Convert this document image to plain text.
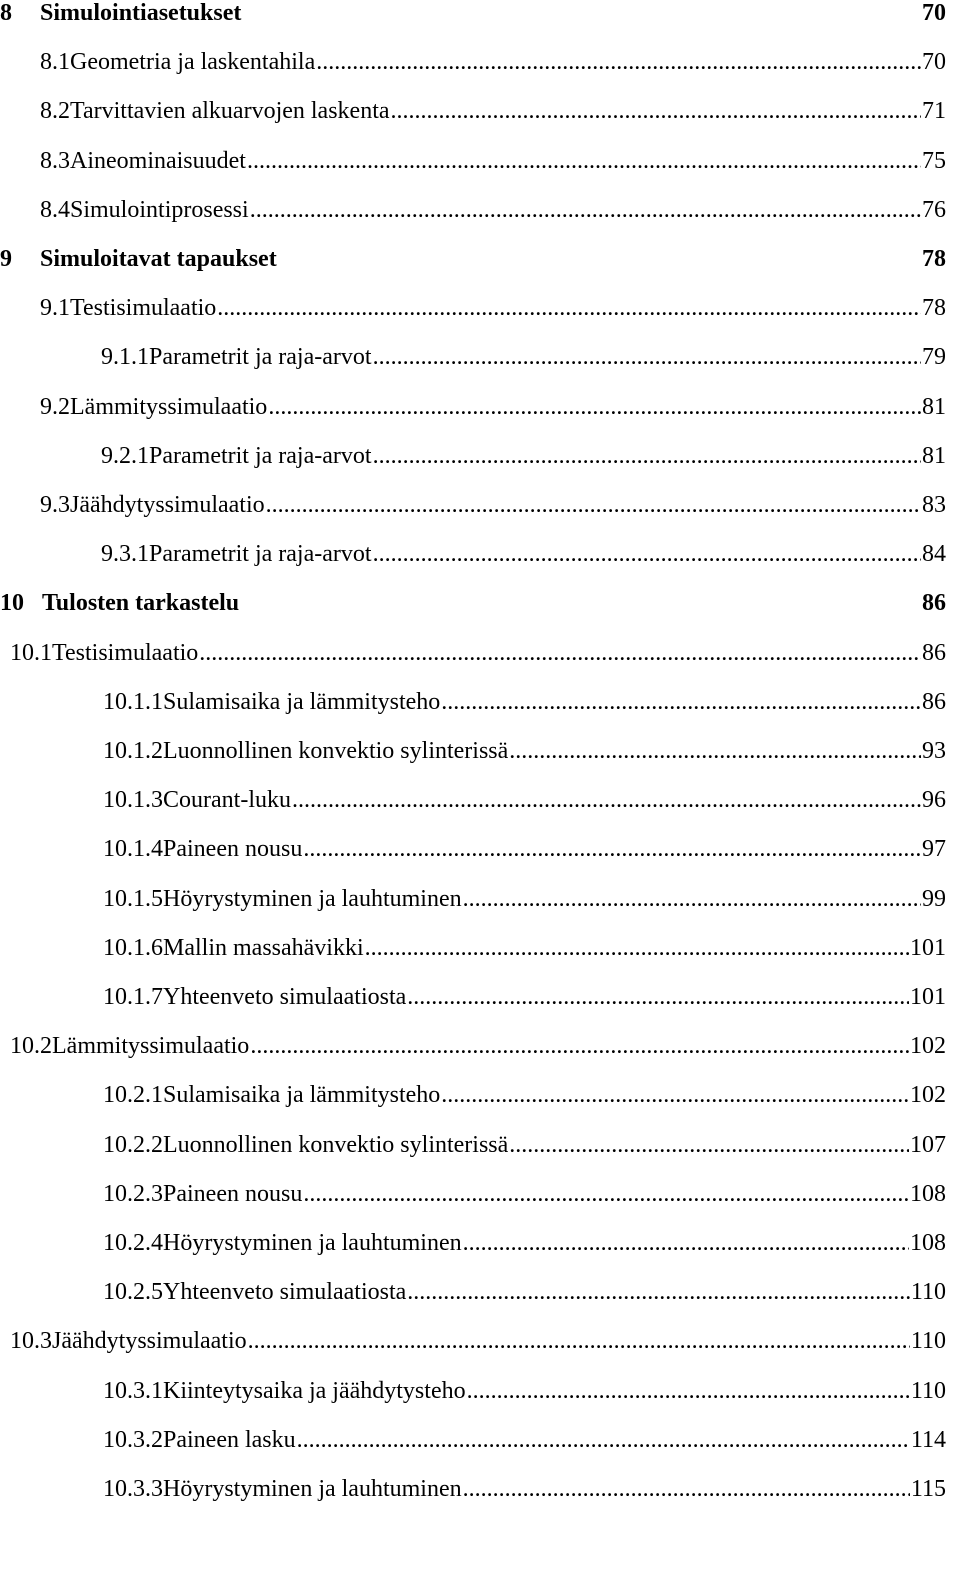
8	Simulointiasetukset	70
8.1 Geometria ja laskentahila .....	70
8.2 Tarvittavien alkuarvojen laskenta .....	71
8.3 Aineominaisuudet .....	75
8.4 Simulointiprosessi .....	76
9	Simuloitavat tapaukset	78
9.1 Testisimulaatio .....	78
9.1.1 Parametrit ja raja-arvot .....	79
9.2 Lämmityssimulaatio .....	81
9.2.1 Parametrit ja raja-arvot .....	81
9.3 Jäähdytyssimulaatio .....	83
9.3.1 Parametrit ja raja-arvot .....	84
10 Tulosten tarkastelu	86
10.1 Testisimulaatio .....	86
10.1.1 Sulamisaika ja lämmitysteho .....	86
10.1.2 Luonnollinen konvektio sylinterissä .....	93
10.1.3 Courant-luku .....	96
10.1.4 Paineen nousu .....	97
10.1.5 Höyrystyminen ja lauhtuminen .....	99
10.1.6 Mallin massahävikki .....	101
10.1.7 Yhteenveto simulaatiosta .....	101
10.2 Lämmityssimulaatio .....	102
10.2.1 Sulamisaika ja lämmitysteho .....	102
10.2.2 Luonnollinen konvektio sylinterissä .....	107
10.2.3 Paineen nousu .....	108
10.2.4 Höyrystyminen ja lauhtuminen .....	108
10.2.5 Yhteenveto simulaatiosta .....	110
10.3 Jäähdytyssimulaatio .....	110
10.3.1 Kiinteytysaika ja jäähdytysteho .....	110
10.3.2 Paineen lasku .....	114
10.3.3 Höyrystyminen ja lauhtuminen .....	115
